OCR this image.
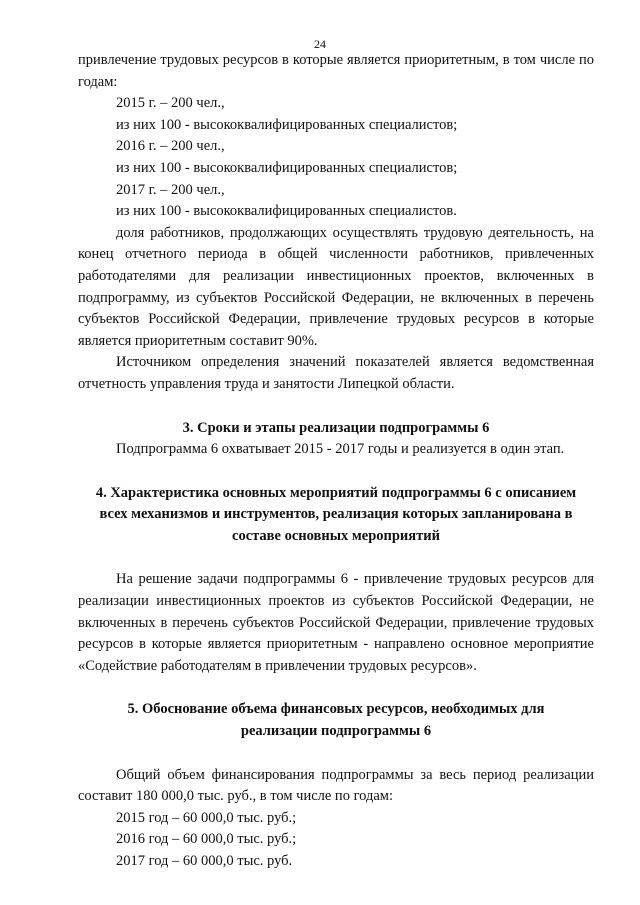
24

привлечение трудовых ресурсов в которые является приоритетным, в том числе по годам:

2015 г. – 200 чел.,

из них 100 - высококвалифицированных специалистов;

2016 г. – 200 чел.,

из них 100 - высококвалифицированных специалистов;

2017 г. – 200 чел.,

из них 100 - высококвалифицированных специалистов.

доля работников, продолжающих осуществлять трудовую деятельность, на конец отчетного периода в общей численности работников, привлеченных работодателями для реализации инвестиционных проектов, включенных в подпрограмму, из субъектов Российской Федерации, не включенных в перечень субъектов Российской Федерации, привлечение трудовых ресурсов в которые является приоритетным составит 90%.

Источником определения значений показателей является ведомственная отчетность управления труда и занятости Липецкой области.

3. Сроки и этапы реализации подпрограммы 6

Подпрограмма 6 охватывает 2015 - 2017 годы и реализуется в один этап.

4. Характеристика основных мероприятий подпрограммы 6 с описанием

всех механизмов и инструментов, реализация которых запланирована в

составе основных мероприятий

На решение задачи подпрограммы 6 - привлечение трудовых ресурсов для реализации инвестиционных проектов из субъектов Российской Федерации, не включенных в перечень субъектов Российской Федерации, привлечение трудовых ресурсов в которые является приоритетным - направлено основное мероприятие «Содействие работодателям в привлечении трудовых ресурсов».

5. Обоснование объема финансовых ресурсов, необходимых для

реализации подпрограммы 6

Общий объем финансирования подпрограммы за весь период реализации составит 180 000,0 тыс. руб., в том числе по годам:

2015 год – 60 000,0 тыс. руб.;

2016 год – 60 000,0 тыс. руб.;

2017 год – 60 000,0 тыс. руб.
